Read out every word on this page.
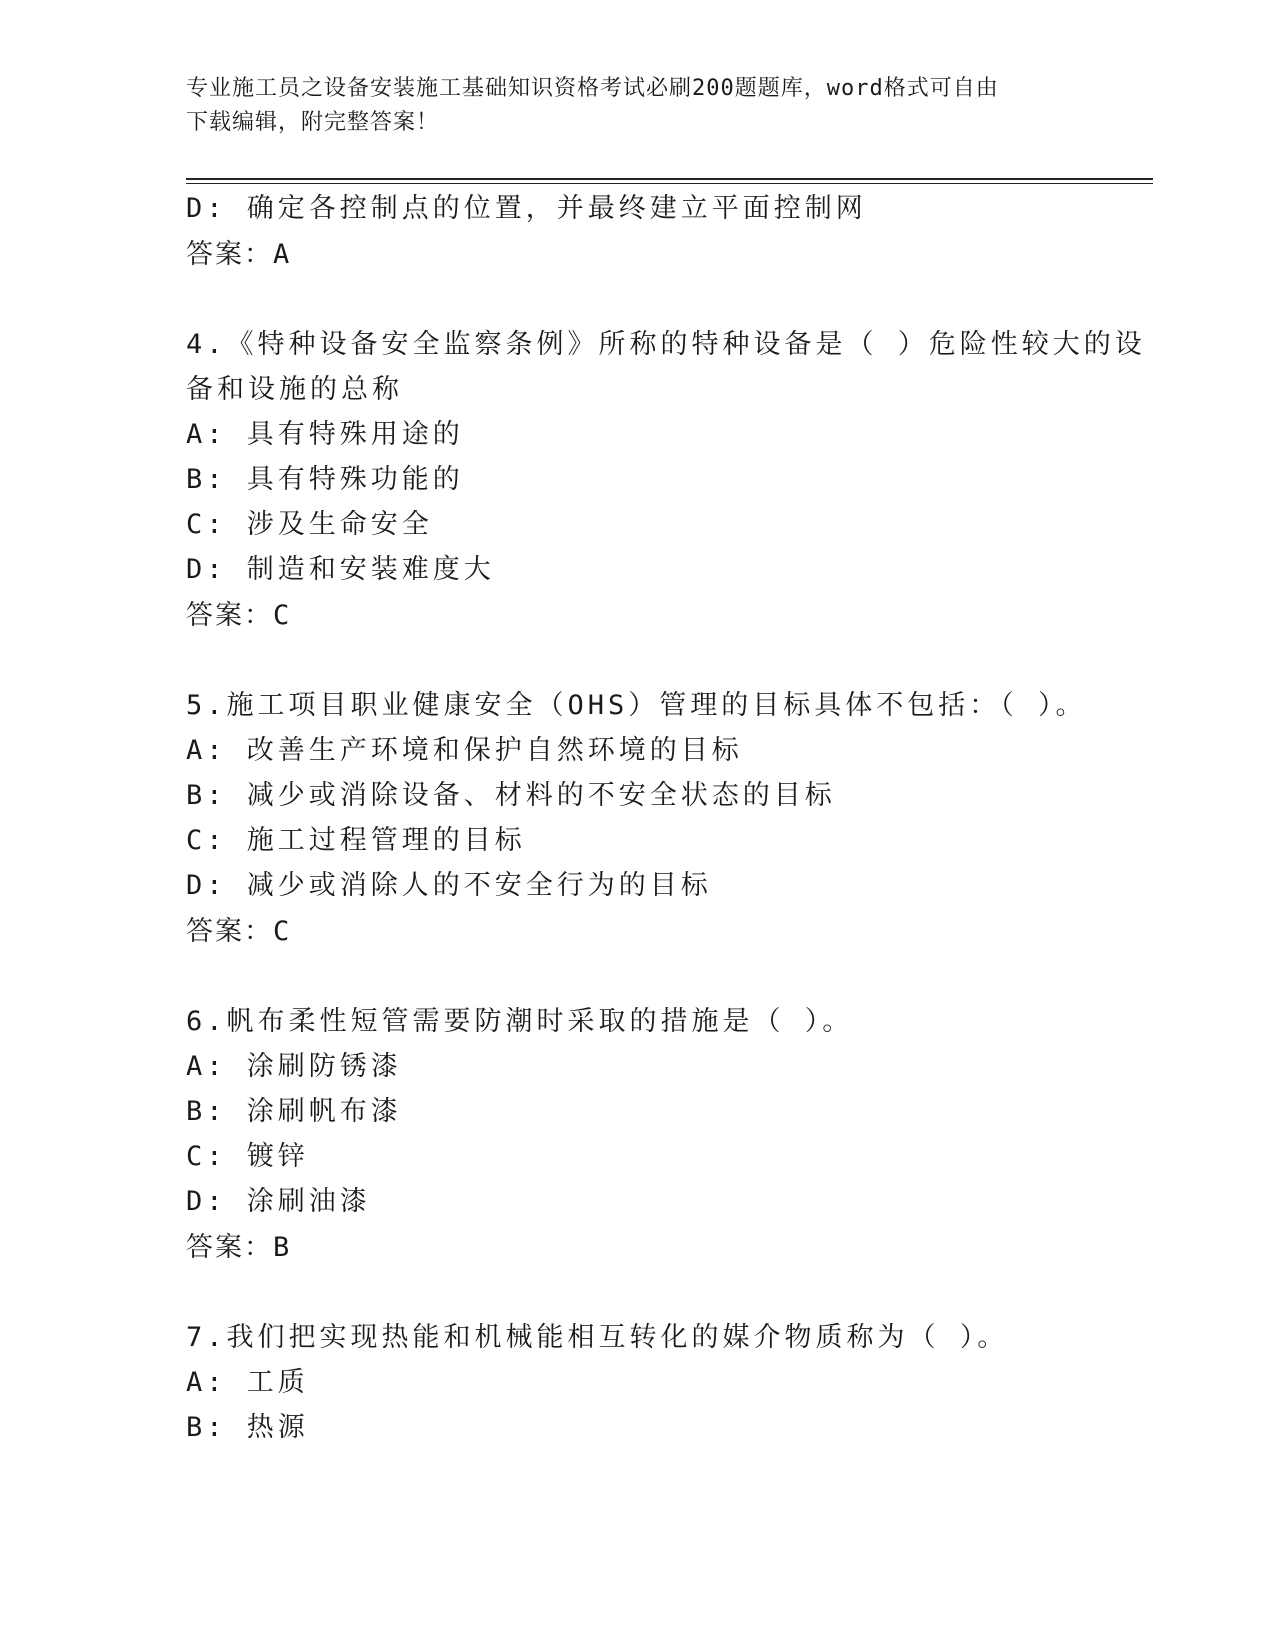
专业施工员之设备安装施工基础知识资格考试必刷200题题库，word格式可自由
下载编辑，附完整答案！
D: 确定各控制点的位置，并最终建立平面控制网
答案：A
4.《特种设备安全监察条例》所称的特种设备是（ ）危险性较大的设
备和设施的总称
A: 具有特殊用途的
B: 具有特殊功能的
C: 涉及生命安全
D: 制造和安装难度大
答案：C
5.施工项目职业健康安全（OHS）管理的目标具体不包括：（ ）。
A: 改善生产环境和保护自然环境的目标
B: 减少或消除设备、材料的不安全状态的目标
C: 施工过程管理的目标
D: 减少或消除人的不安全行为的目标
答案：C
6.帆布柔性短管需要防潮时采取的措施是（ ）。
A: 涂刷防锈漆
B: 涂刷帆布漆
C: 镀锌
D: 涂刷油漆
答案：B
7.我们把实现热能和机械能相互转化的媒介物质称为（ ）。
A: 工质
B: 热源
